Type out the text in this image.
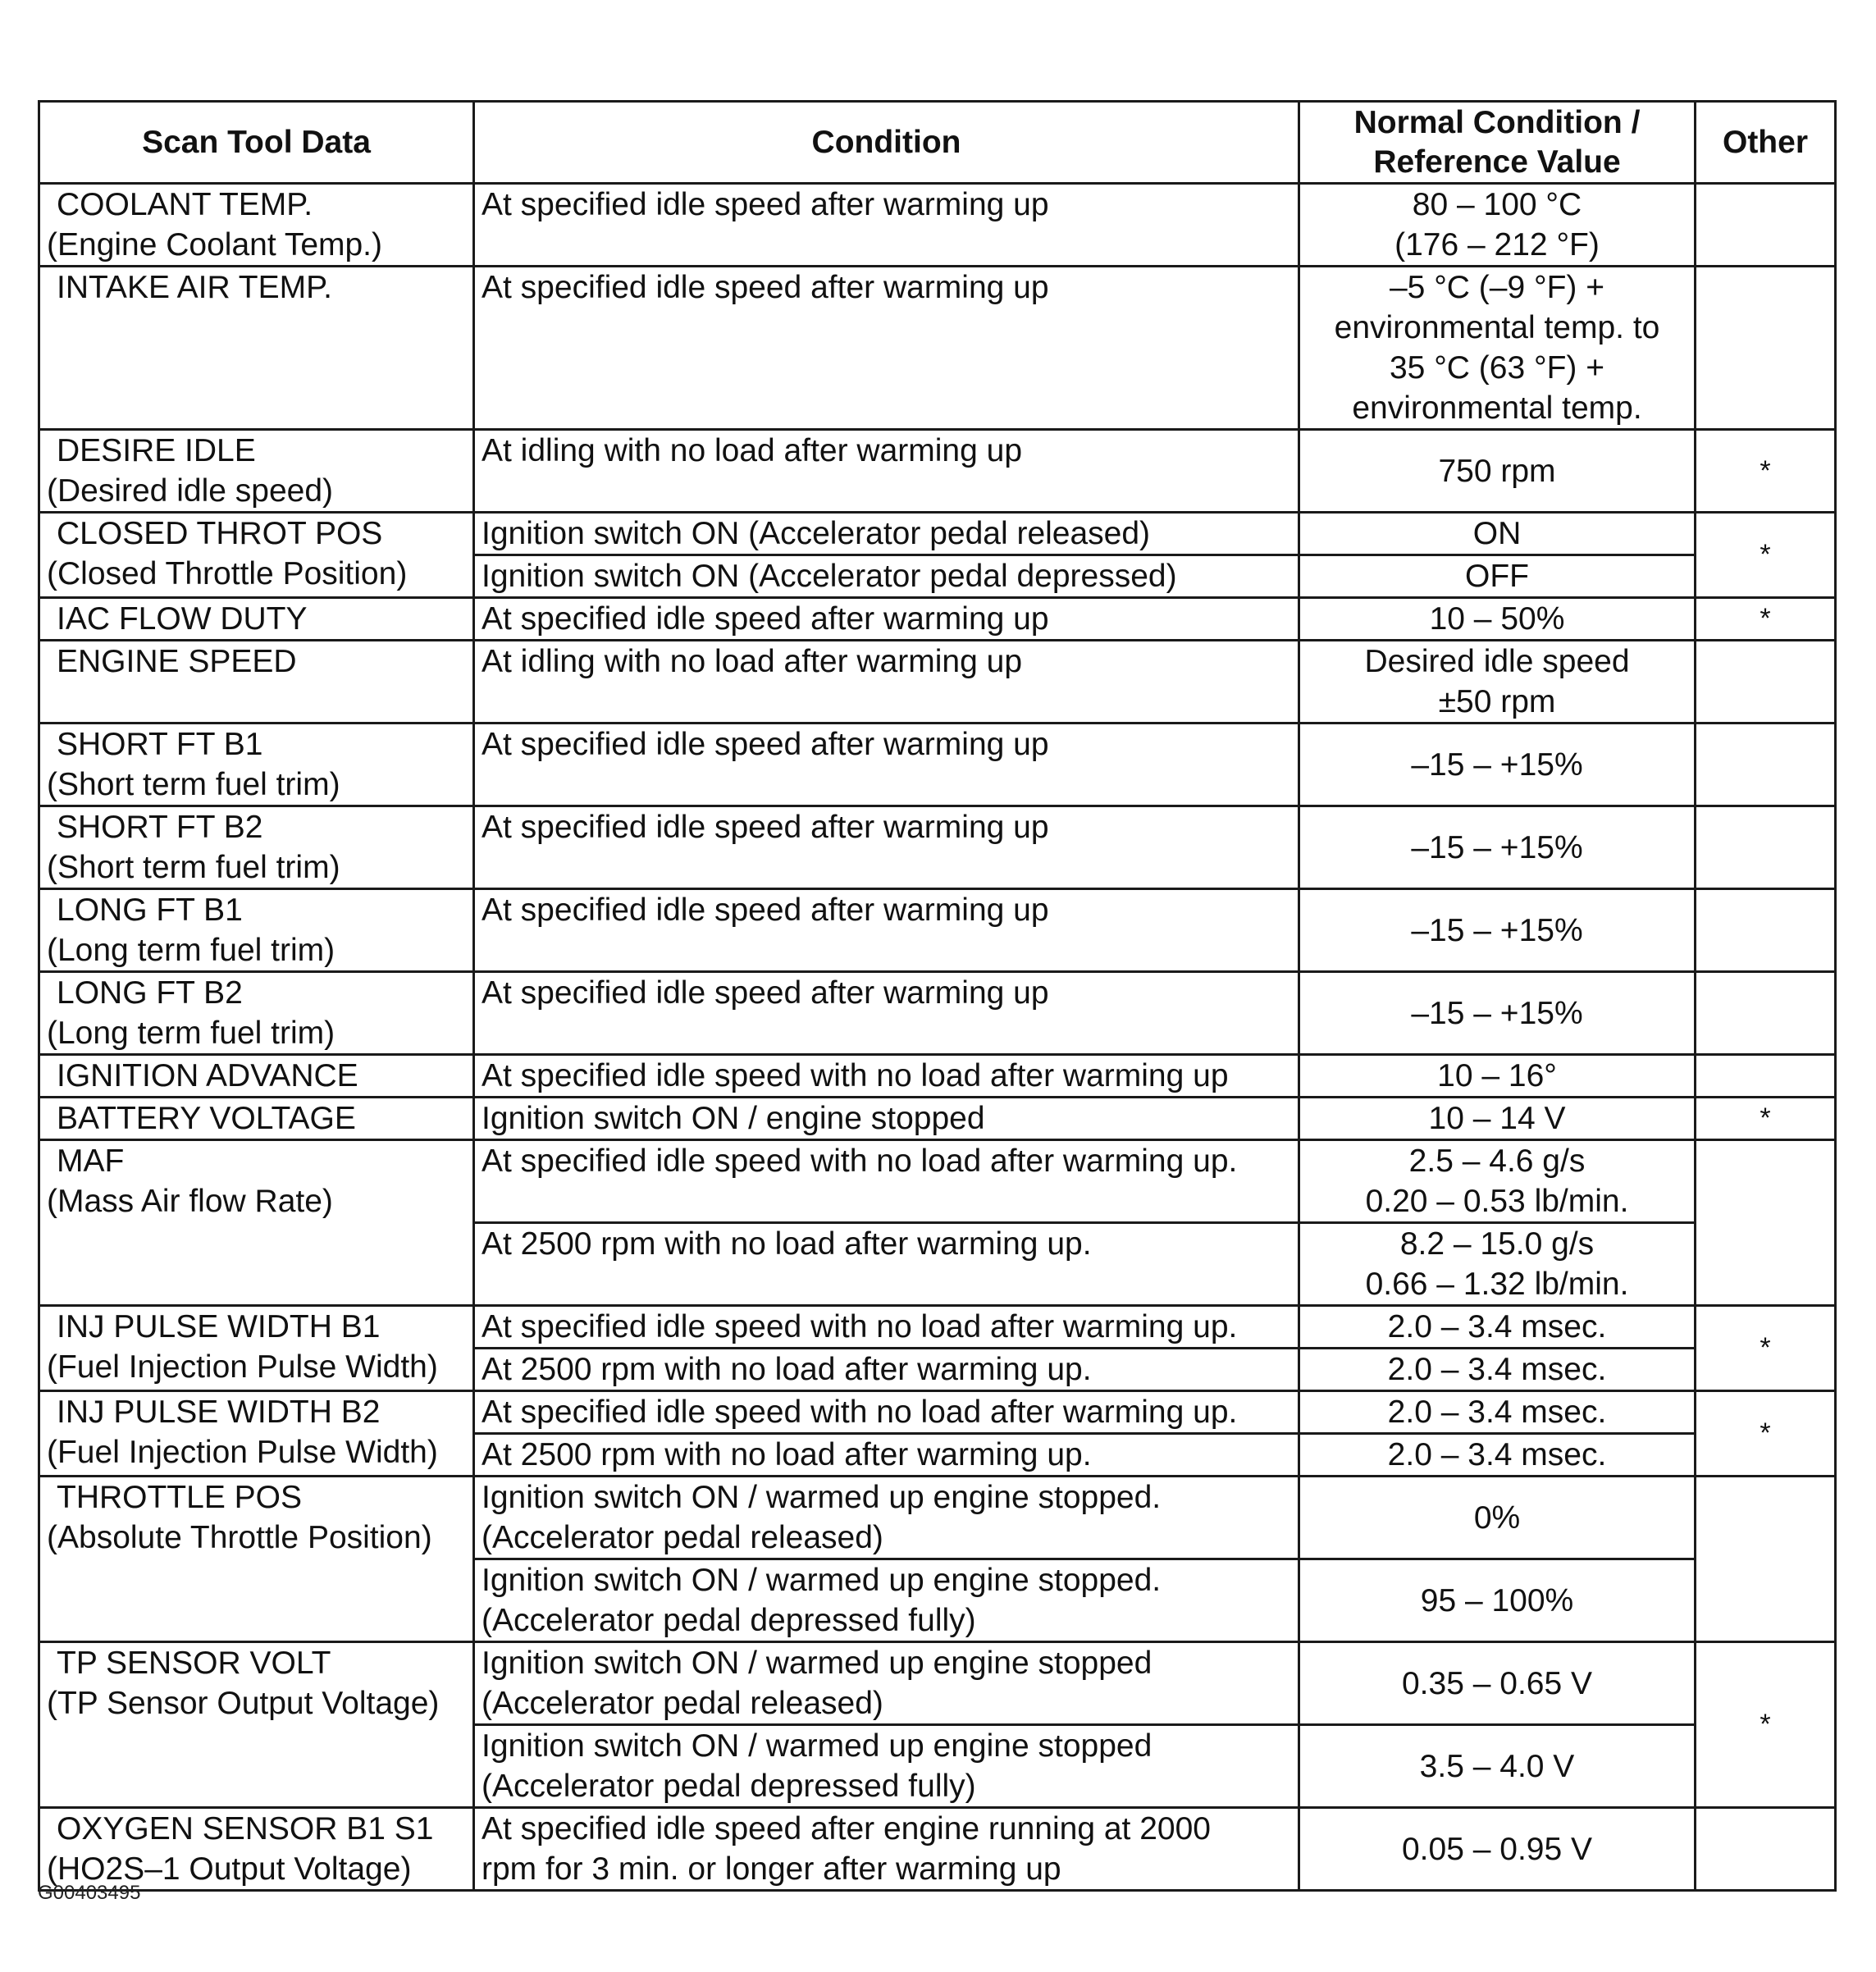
Scan Tool Data	Condition	Normal Condition /
Reference Value	Other

COOLANT TEMP.
(Engine Coolant Temp.)	At specified idle speed after warming up	80 – 100 °C
(176 – 212 °F)	

INTAKE AIR TEMP.	At specified idle speed after warming up	–5 °C (–9 °F) +
environmental temp. to
35 °C (63 °F) +
environmental temp.	

DESIRE IDLE
(Desired idle speed)	At idling with no load after warming up	750 rpm	*

CLOSED THROT POS
(Closed Throttle Position)	Ignition switch ON (Accelerator pedal released)	ON	*

	Ignition switch ON (Accelerator pedal depressed)	OFF	

IAC FLOW DUTY	At specified idle speed after warming up	10 – 50%	*

ENGINE SPEED	At idling with no load after warming up	Desired idle speed
±50 rpm	

SHORT FT B1
(Short term fuel trim)	At specified idle speed after warming up	–15 – +15%	

SHORT FT B2
(Short term fuel trim)	At specified idle speed after warming up	–15 – +15%	

LONG FT B1
(Long term fuel trim)	At specified idle speed after warming up	–15 – +15%	

LONG FT B2
(Long term fuel trim)	At specified idle speed after warming up	–15 – +15%	

IGNITION ADVANCE	At specified idle speed with no load after warming up	10 – 16°	

BATTERY VOLTAGE	Ignition switch ON / engine stopped	10 – 14 V	*

MAF
(Mass Air flow Rate)	At specified idle speed with no load after warming up.	2.5 – 4.6 g/s
0.20 – 0.53 lb/min.	

	At 2500 rpm with no load after warming up.	8.2 – 15.0 g/s
0.66 – 1.32 lb/min.	

INJ PULSE WIDTH B1
(Fuel Injection Pulse Width)	At specified idle speed with no load after warming up.	2.0 – 3.4 msec.	*

	At 2500 rpm with no load after warming up.	2.0 – 3.4 msec.	

INJ PULSE WIDTH B2
(Fuel Injection Pulse Width)	At specified idle speed with no load after warming up.	2.0 – 3.4 msec.	*

	At 2500 rpm with no load after warming up.	2.0 – 3.4 msec.	

THROTTLE POS
(Absolute Throttle Position)	Ignition switch ON / warmed up engine stopped.
(Accelerator pedal released)	0%	

	Ignition switch ON / warmed up engine stopped.
(Accelerator pedal depressed fully)	95 – 100%	

TP SENSOR VOLT
(TP Sensor Output Voltage)	Ignition switch ON / warmed up engine stopped
(Accelerator pedal released)	0.35 – 0.65 V	*

	Ignition switch ON / warmed up engine stopped
(Accelerator pedal depressed fully)	3.5 – 4.0 V	

OXYGEN SENSOR B1 S1
(HO2S–1 Output Voltage)	At specified idle speed after engine running at 2000
rpm for 3 min. or longer after warming up	0.05 – 0.95 V	

G00403495
